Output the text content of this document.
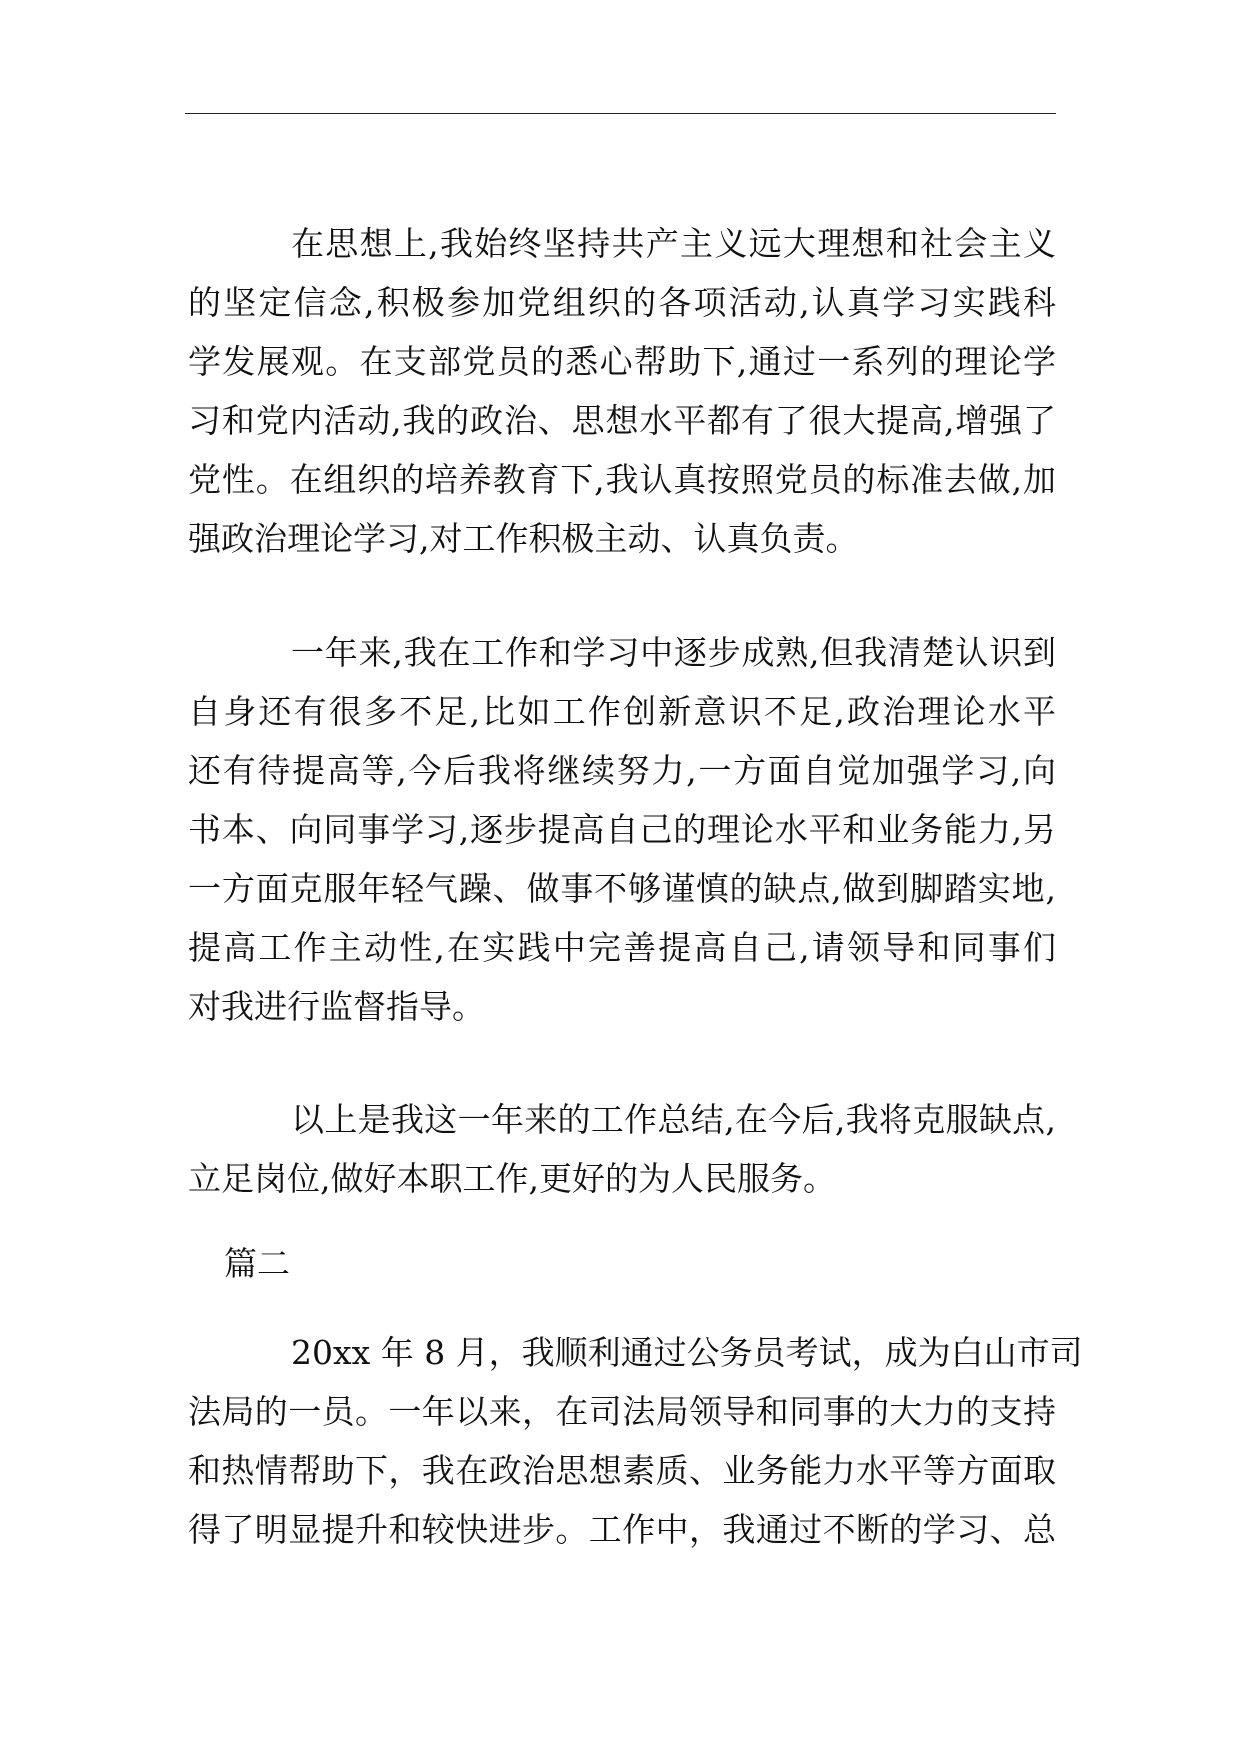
在思想上,我始终坚持共产主义远大理想和社会主义
的坚定信念,积极参加党组织的各项活动,认真学习实践科
学发展观。在支部党员的悉心帮助下,通过一系列的理论学
习和党内活动,我的政治、思想水平都有了很大提高,增强了
党性。在组织的培养教育下,我认真按照党员的标准去做,加
强政治理论学习,对工作积极主动、认真负责。
一年来,我在工作和学习中逐步成熟,但我清楚认识到
自身还有很多不足,比如工作创新意识不足,政治理论水平
还有待提高等,今后我将继续努力,一方面自觉加强学习,向
书本、向同事学习,逐步提高自己的理论水平和业务能力,另
一方面克服年轻气躁、做事不够谨慎的缺点,做到脚踏实地,
提高工作主动性,在实践中完善提高自己,请领导和同事们
对我进行监督指导。
以上是我这一年来的工作总结,在今后,我将克服缺点,
立足岗位,做好本职工作,更好的为人民服务。
篇二
20xx 年 8 月，我顺利通过公务员考试，成为白山市司
法局的一员。一年以来，在司法局领导和同事的大力的支持
和热情帮助下，我在政治思想素质、业务能力水平等方面取
得了明显提升和较快进步。工作中，我通过不断的学习、总
